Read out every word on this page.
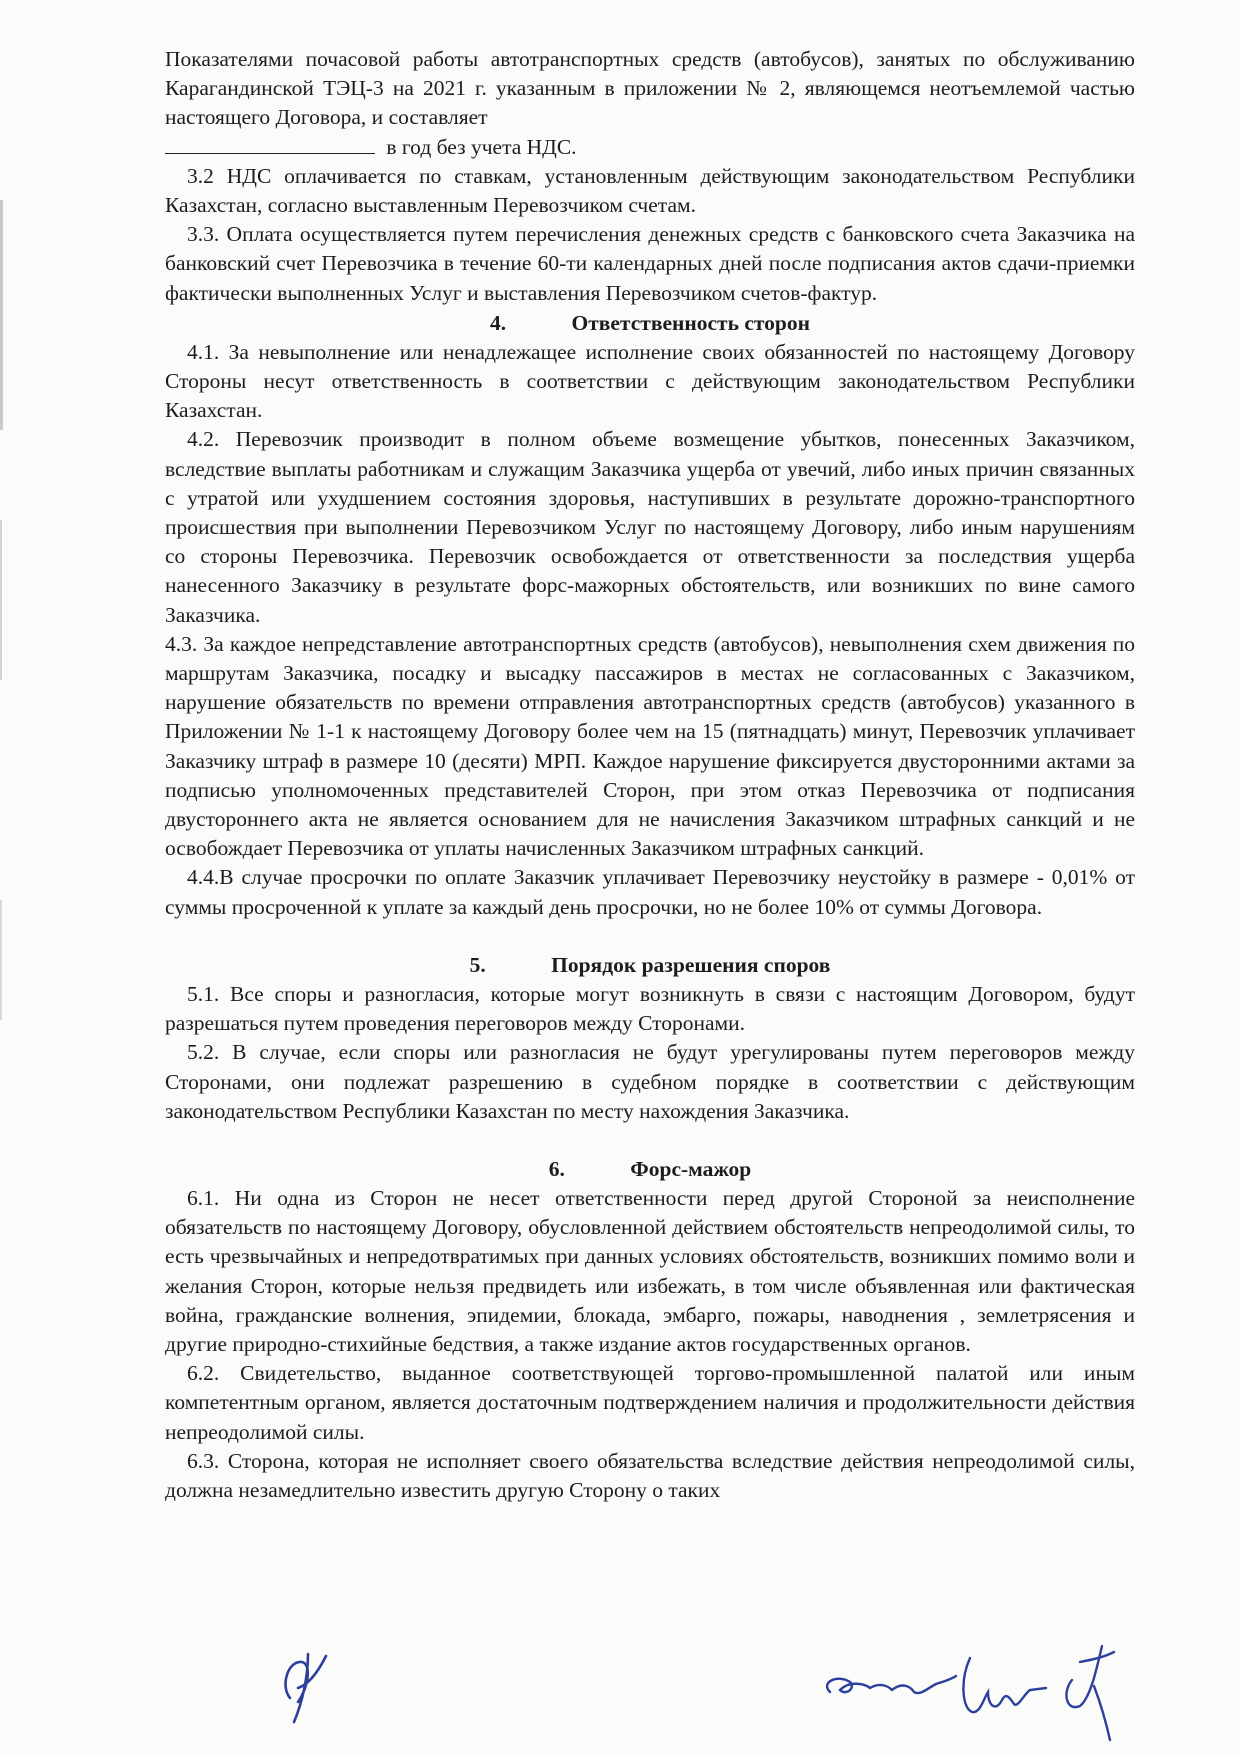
Показателями почасовой работы автотранспортных средств (автобусов), занятых по обслуживанию Карагандинской ТЭЦ-3 на 2021 г. указанным в приложении № 2, являющемся неотъемлемой частью настоящего Договора, и составляет
в год без учета НДС.

3.2 НДС оплачивается по ставкам, установленным действующим законодательством Республики Казахстан, согласно выставленным Перевозчиком счетам.

3.3. Оплата осуществляется путем перечисления денежных средств с банковского счета Заказчика на банковский счет Перевозчика в течение 60-ти календарных дней после подписания актов сдачи-приемки фактически выполненных Услуг и выставления Перевозчиком счетов-фактур.

4.	Ответственность сторон

4.1. За невыполнение или ненадлежащее исполнение своих обязанностей по настоящему Договору Стороны несут ответственность в соответствии с действующим законодательством Республики Казахстан.

4.2. Перевозчик производит в полном объеме возмещение убытков, понесенных Заказчиком, вследствие выплаты работникам и служащим Заказчика ущерба от увечий, либо иных причин связанных с утратой или ухудшением состояния здоровья, наступивших в результате дорожно-транспортного происшествия при выполнении Перевозчиком Услуг по настоящему Договору, либо иным нарушениям со стороны Перевозчика. Перевозчик освобождается от ответственности за последствия ущерба нанесенного Заказчику в результате форс-мажорных обстоятельств, или возникших по вине самого Заказчика.

4.3. За каждое непредставление автотранспортных средств (автобусов), невыполнения схем движения по маршрутам Заказчика, посадку и высадку пассажиров в местах не согласованных с Заказчиком, нарушение обязательств по времени отправления автотранспортных средств (автобусов) указанного в Приложении № 1-1 к настоящему Договору более чем на 15 (пятнадцать) минут, Перевозчик уплачивает Заказчику штраф в размере 10 (десяти) МРП. Каждое нарушение фиксируется двусторонними актами за подписью уполномоченных представителей Сторон, при этом отказ Перевозчика от подписания двустороннего акта не является основанием для не начисления Заказчиком штрафных санкций и не освобождает Перевозчика от уплаты начисленных Заказчиком штрафных санкций.

4.4.В случае просрочки по оплате Заказчик уплачивает Перевозчику неустойку в размере - 0,01% от суммы просроченной к уплате за каждый день просрочки, но не более 10% от суммы Договора.

5.	Порядок разрешения споров

5.1. Все споры и разногласия, которые могут возникнуть в связи с настоящим Договором, будут разрешаться путем проведения переговоров между Сторонами.

5.2. В случае, если споры или разногласия не будут урегулированы путем переговоров между Сторонами, они подлежат разрешению в судебном порядке в соответствии с действующим законодательством Республики Казахстан по месту нахождения Заказчика.

6.	Форс-мажор

6.1. Ни одна из Сторон не несет ответственности перед другой Стороной за неисполнение обязательств по настоящему Договору, обусловленной действием обстоятельств непреодолимой силы, то есть чрезвычайных и непредотвратимых при данных условиях обстоятельств, возникших помимо воли и желания Сторон, которые нельзя предвидеть или избежать, в том числе объявленная или фактическая война, гражданские волнения, эпидемии, блокада, эмбарго, пожары, наводнения , землетрясения и другие природно-стихийные бедствия, а также издание актов государственных органов.

6.2. Свидетельство, выданное соответствующей торгово-промышленной палатой или иным компетентным органом, является достаточным подтверждением наличия и продолжительности действия непреодолимой силы.

6.3. Сторона, которая не исполняет своего обязательства вследствие действия непреодолимой силы, должна незамедлительно известить другую Сторону о таких
